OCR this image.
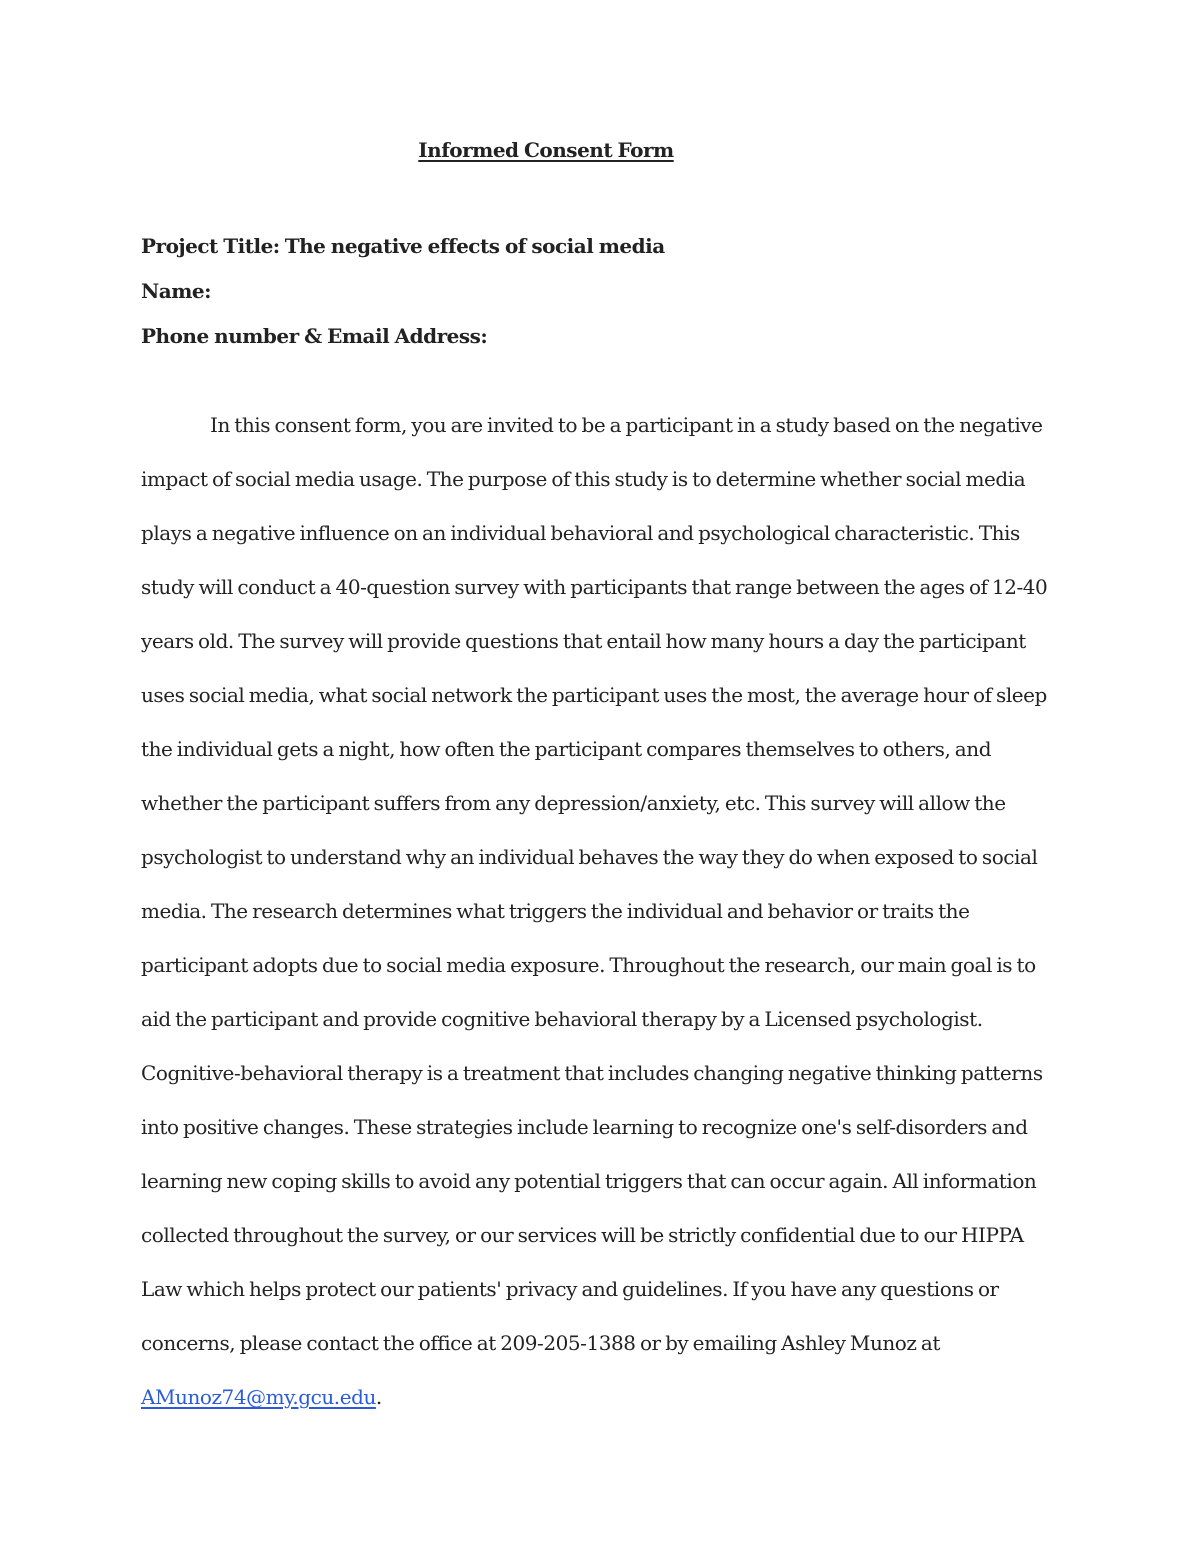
Informed Consent Form
Project Title: The negative effects of social media
Name:
Phone number & Email Address:

In this consent form, you are invited to be a participant in a study based on the negative impact of social media usage. The purpose of this study is to determine whether social media plays a negative influence on an individual behavioral and psychological characteristic. This study will conduct a 40-question survey with participants that range between the ages of 12-40 years old. The survey will provide questions that entail how many hours a day the participant uses social media, what social network the participant uses the most, the average hour of sleep the individual gets a night, how often the participant compares themselves to others, and whether the participant suffers from any depression/anxiety, etc. This survey will allow the psychologist to understand why an individual behaves the way they do when exposed to social media. The research determines what triggers the individual and behavior or traits the participant adopts due to social media exposure. Throughout the research, our main goal is to aid the participant and provide cognitive behavioral therapy by a Licensed psychologist. Cognitive-behavioral therapy is a treatment that includes changing negative thinking patterns into positive changes. These strategies include learning to recognize one's self-disorders and learning new coping skills to avoid any potential triggers that can occur again. All information collected throughout the survey, or our services will be strictly confidential due to our HIPPA Law which helps protect our patients' privacy and guidelines. If you have any questions or concerns, please contact the office at 209-205-1388 or by emailing Ashley Munoz at AMunoz74@my.gcu.edu.
